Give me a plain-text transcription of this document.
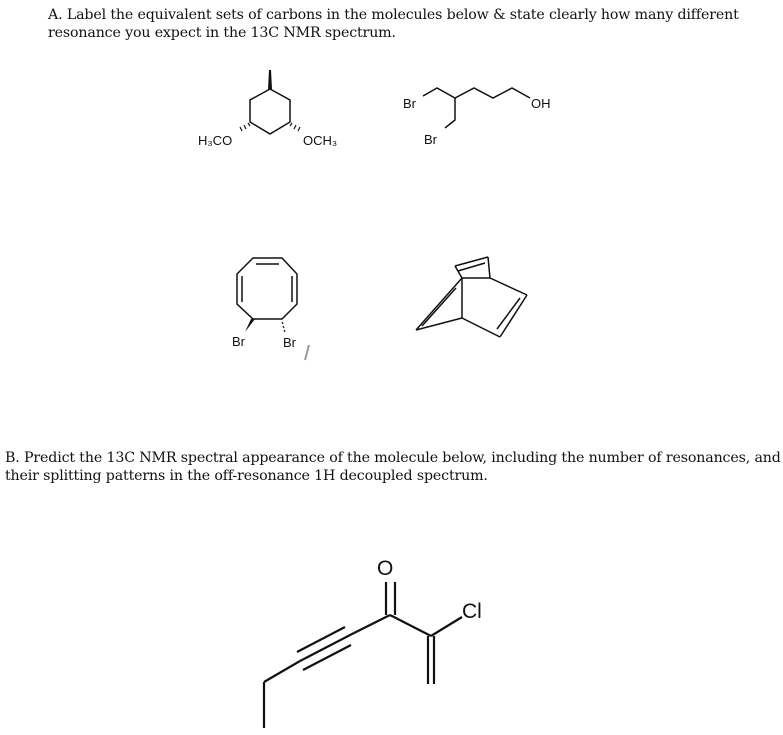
A. Label the equivalent sets of carbons in the molecules below & state clearly how many different
resonance you expect in the 13C NMR spectrum.
B. Predict the 13C NMR spectral appearance of the molecule below, including the number of resonances, and
their splitting patterns in the off-resonance 1H decoupled spectrum.
H₃CO	OCH₃
Br
Br
OH
Br	Br
O
Cl
